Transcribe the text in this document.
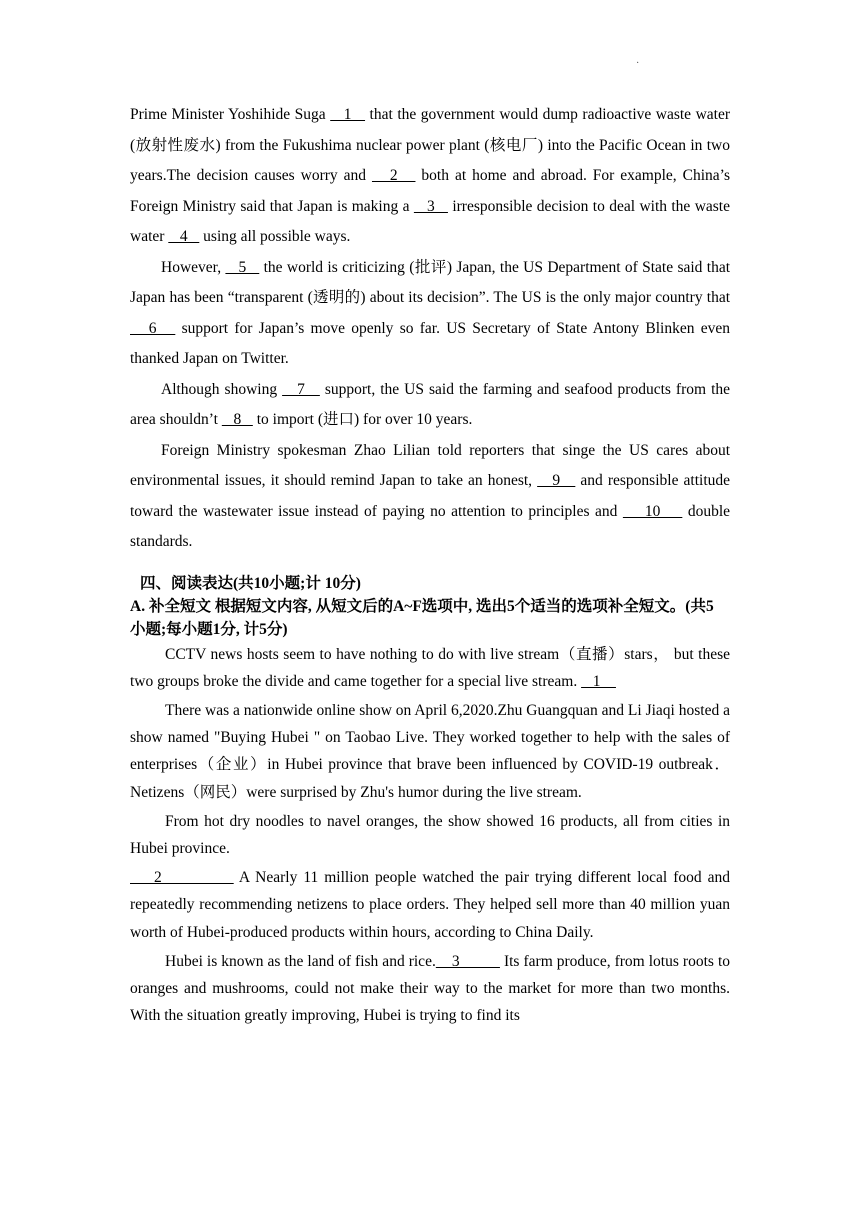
·

Prime Minister Yoshihide Suga    1    that the government would dump radioactive waste water (放射性废水) from the Fukushima nuclear power plant (核电厂) into the Pacific Ocean in two years.The decision causes worry and    2    both at home and abroad. For example, China’s Foreign Ministry said that Japan is making a    3    irresponsible decision to deal with the waste water    4    using all possible ways.

However,    5    the world is criticizing (批评) Japan, the US Department of State said that Japan has been “transparent (透明的) about its decision”. The US is the only major country that    6    support for Japan’s move openly so far. US Secretary of State Antony Blinken even thanked Japan on Twitter.

Although showing    7    support, the US said the farming and seafood products from the area shouldn’t    8    to import (进口) for over 10 years.

Foreign Ministry spokesman Zhao Lilian told reporters that singe the US cares about environmental issues, it should remind Japan to take an honest,    9    and responsible attitude toward the wastewater issue instead of paying no attention to principles and     10     double standards.

四、阅读表达(共10小题;计 10分)

A. 补全短文 根据短文内容, 从短文后的A~F选项中, 选出5个适当的选项补全短文。(共5 小题;每小题1分, 计5分)

CCTV news hosts seem to have nothing to do with live stream（直播）stars， but these two groups broke the divide and came together for a special live stream.    1

There was a nationwide online show on April 6,2020.Zhu Guangquan and Li Jiaqi hosted a show named "Buying Hubei " on Taobao Live. They worked together to help with the sales of enterprises（企业）in Hubei province that brave been influenced by COVID-19 outbreak．Netizens（网民）were surprised by Zhu's humor during the live stream.

From hot dry noodles to navel oranges, the show showed 16 products, all from cities in Hubei province.

2             A Nearly 11 million people watched the pair trying different local food and repeatedly recommending netizens to place orders. They helped sell more than 40 million yuan worth of Hubei-produced products within hours, according to China Daily.

Hubei is known as the land of fish and rice.    3           Its farm produce, from lotus roots to oranges and mushrooms, could not make their way to the market for more than two months. With the situation greatly improving, Hubei is trying to find its
